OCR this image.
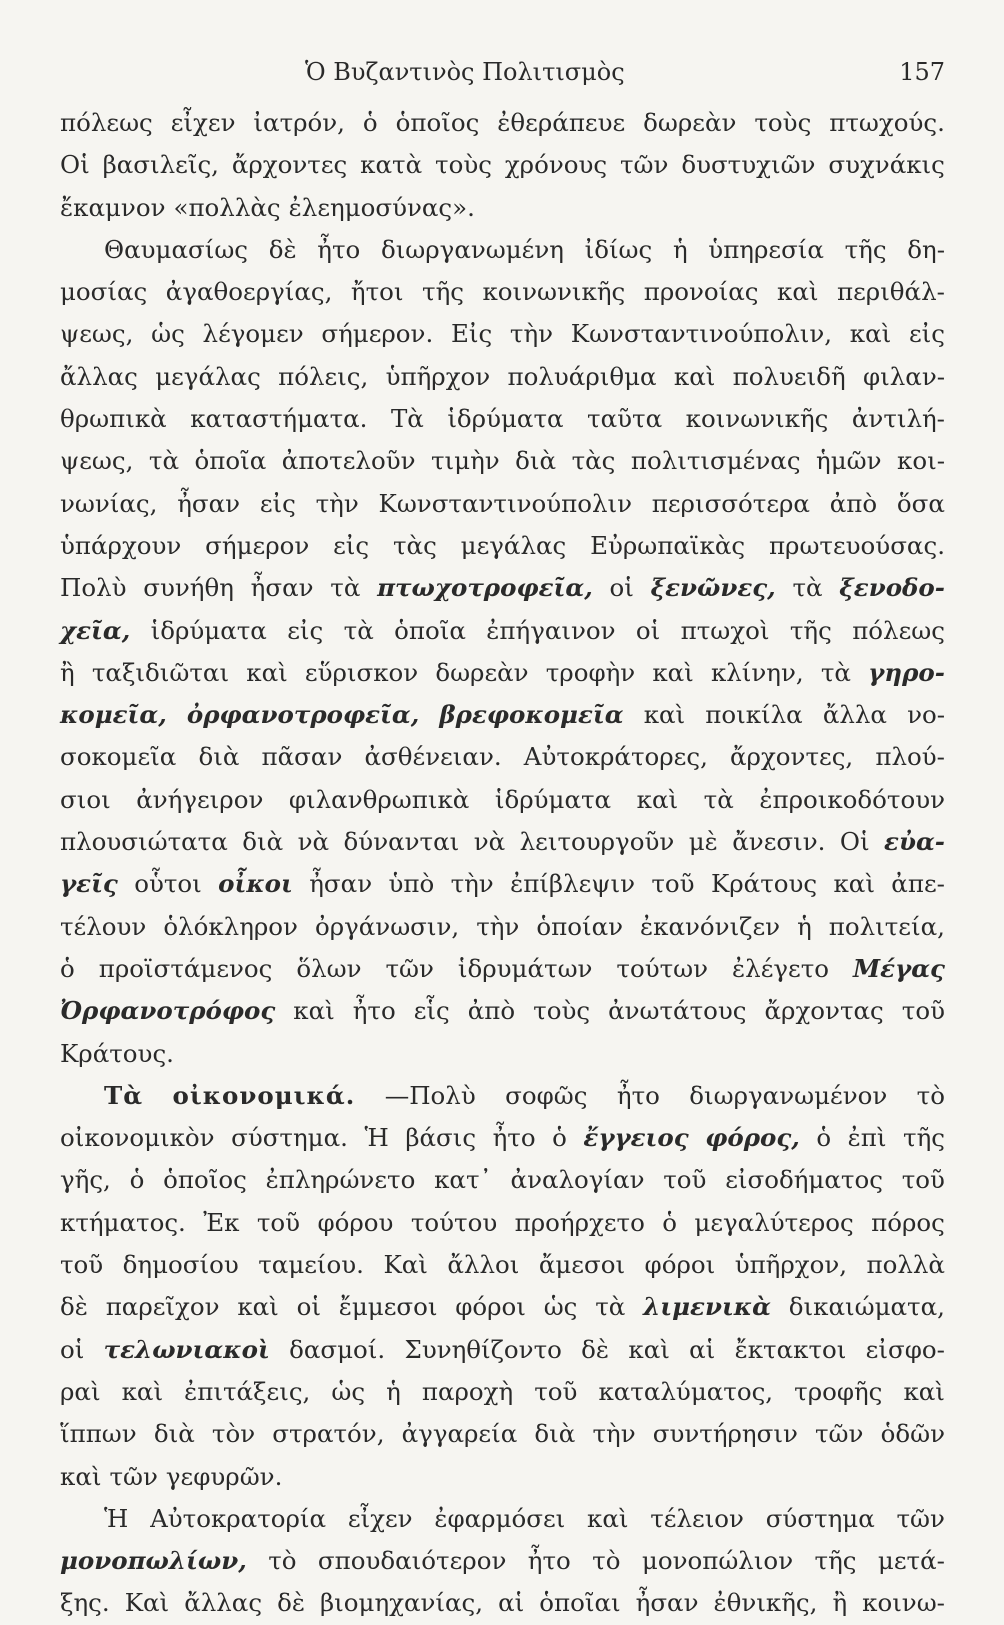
Ὁ Βυζαντινὸς Πολιτισμὸς	157
πόλεως εἶχεν ἰατρόν, ὁ ὁποῖος ἐθεράπευε δωρεὰν τοὺς πτωχούς.
Οἱ βασιλεῖς, ἄρχοντες κατὰ τοὺς χρόνους τῶν δυστυχιῶν συχνάκις
ἔκαμνον «πολλὰς ἐλεημοσύνας».
Θαυμασίως δὲ ἦτο διωργανωμένη ἰδίως ἡ ὑπηρεσία τῆς δη-
μοσίας ἀγαθοεργίας, ἤτοι τῆς κοινωνικῆς προνοίας καὶ περιθάλ-
ψεως, ὡς λέγομεν σήμερον. Εἰς τὴν Κωνσταντινούπολιν, καὶ εἰς
ἄλλας μεγάλας πόλεις, ὑπῆρχον πολυάριθμα καὶ πολυειδῆ φιλαν-
θρωπικὰ καταστήματα. Τὰ ἱδρύματα ταῦτα κοινωνικῆς ἀντιλή-
ψεως, τὰ ὁποῖα ἀποτελοῦν τιμὴν διὰ τὰς πολιτισμένας ἡμῶν κοι-
νωνίας, ἦσαν εἰς τὴν Κωνσταντινούπολιν περισσότερα ἀπὸ ὅσα
ὑπάρχουν σήμερον εἰς τὰς μεγάλας Εὐρωπαϊκὰς πρωτευούσας.
Πολὺ συνήθη ἦσαν τὰ πτωχοτροφεῖα, οἱ ξενῶνες, τὰ ξενοδο-
χεῖα, ἱδρύματα εἰς τὰ ὁποῖα ἐπήγαινον οἱ πτωχοὶ τῆς πόλεως
ἢ ταξιδιῶται καὶ εὕρισκον δωρεὰν τροφὴν καὶ κλίνην, τὰ γηρο-
κομεῖα, ὀρφανοτροφεῖα, βρεφοκομεῖα καὶ ποικίλα ἄλλα νο-
σοκομεῖα διὰ πᾶσαν ἀσθένειαν. Αὐτοκράτορες, ἄρχοντες, πλού-
σιοι ἀνήγειρον φιλανθρωπικὰ ἱδρύματα καὶ τὰ ἐπροικοδότουν
πλουσιώτατα διὰ νὰ δύνανται νὰ λειτουργοῦν μὲ ἄνεσιν. Οἱ εὐα-
γεῖς οὗτοι οἶκοι ἦσαν ὑπὸ τὴν ἐπίβλεψιν τοῦ Κράτους καὶ ἀπε-
τέλουν ὁλόκληρον ὀργάνωσιν, τὴν ὁποίαν ἐκανόνιζεν ἡ πολιτεία,
ὁ προϊστάμενος ὅλων τῶν ἱδρυμάτων τούτων ἐλέγετο Μέγας
Ὀρφανοτρόφος καὶ ἦτο εἷς ἀπὸ τοὺς ἀνωτάτους ἄρχοντας τοῦ
Κράτους.
Τὰ οἰκονομικά. —Πολὺ σοφῶς ἦτο διωργανωμένον τὸ
οἰκονομικὸν σύστημα. Ἡ βάσις ἦτο ὁ ἔγγειος φόρος, ὁ ἐπὶ τῆς
γῆς, ὁ ὁποῖος ἐπληρώνετο κατ᾿ ἀναλογίαν τοῦ εἰσοδήματος τοῦ
κτήματος. Ἐκ τοῦ φόρου τούτου προήρχετο ὁ μεγαλύτερος πόρος
τοῦ δημοσίου ταμείου. Καὶ ἄλλοι ἄμεσοι φόροι ὑπῆρχον, πολλὰ
δὲ παρεῖχον καὶ οἱ ἔμμεσοι φόροι ὡς τὰ λιμενικὰ δικαιώματα,
οἱ τελωνιακοὶ δασμοί. Συνηθίζοντο δὲ καὶ αἱ ἔκτακτοι εἰσφο-
ραὶ καὶ ἐπιτάξεις, ὡς ἡ παροχὴ τοῦ καταλύματος, τροφῆς καὶ
ἵππων διὰ τὸν στρατόν, ἀγγαρεία διὰ τὴν συντήρησιν τῶν ὁδῶν
καὶ τῶν γεφυρῶν.
Ἡ Αὐτοκρατορία εἶχεν ἐφαρμόσει καὶ τέλειον σύστημα τῶν
μονοπωλίων, τὸ σπουδαιότερον ἦτο τὸ μονοπώλιον τῆς μετά-
ξης. Καὶ ἄλλας δὲ βιομηχανίας, αἱ ὁποῖαι ἦσαν ἐθνικῆς, ἢ κοινω-
